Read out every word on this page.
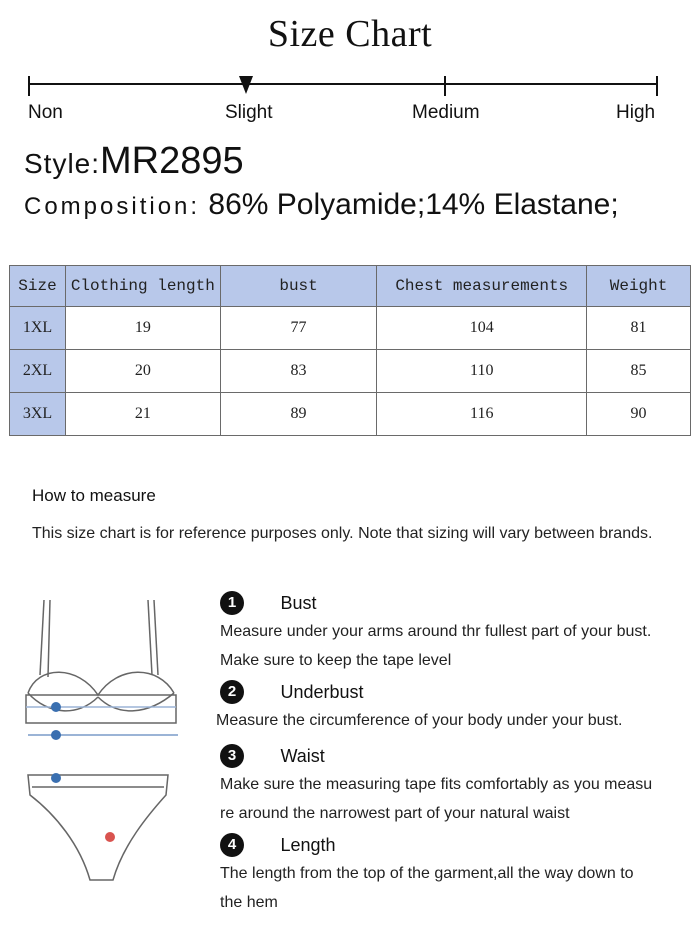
Size Chart
Non	Slight	Medium	High
Style:MR2895
Composition: 86% Polyamide;14% Elastane;
Size	Clothing length	bust	Chest measurements	Weight
1XL	19	77	104	81
2XL	20	83	110	85
3XL	21	89	116	90
How to measure
This size chart is for reference purposes only. Note that sizing will vary between brands.
1 Bust
Measure under your arms around thr fullest part of your bust.
Make sure to keep the tape level
2 Underbust
Measure the circumference of your body under your bust.
3 Waist
Make sure the measuring tape fits comfortably as you measu
re around the narrowest part of your natural waist
4 Length
The length from the top of the garment,all the way down to
the hem
